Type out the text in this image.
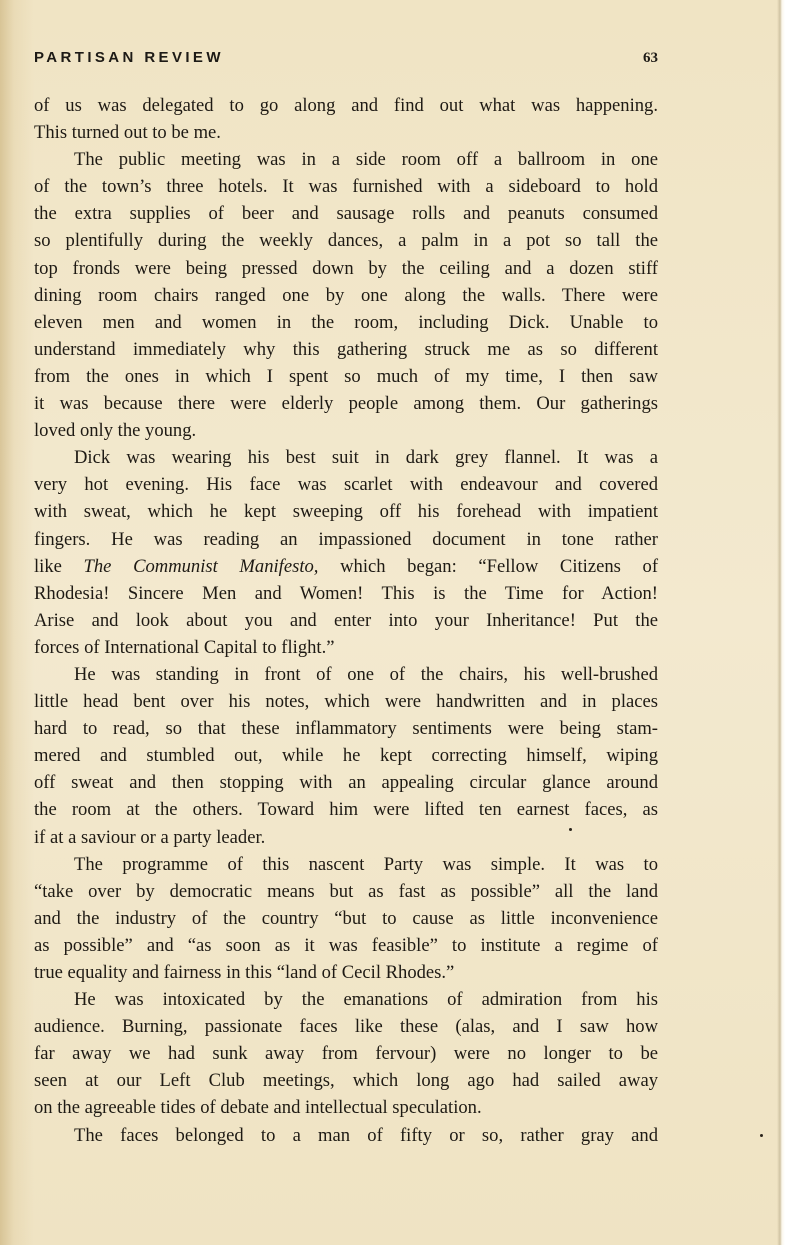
PARTISAN REVIEW	63
of us was delegated to go along and find out what was happening.
This turned out to be me.
The public meeting was in a side room off a ballroom in one
of the town’s three hotels. It was furnished with a sideboard to hold
the extra supplies of beer and sausage rolls and peanuts consumed
so plentifully during the weekly dances, a palm in a pot so tall the
top fronds were being pressed down by the ceiling and a dozen stiff
dining room chairs ranged one by one along the walls. There were
eleven men and women in the room, including Dick. Unable to
understand immediately why this gathering struck me as so different
from the ones in which I spent so much of my time, I then saw
it was because there were elderly people among them. Our gatherings
loved only the young.
Dick was wearing his best suit in dark grey flannel. It was a
very hot evening. His face was scarlet with endeavour and covered
with sweat, which he kept sweeping off his forehead with impatient
fingers. He was reading an impassioned document in tone rather
like The Communist Manifesto, which began: “Fellow Citizens of
Rhodesia! Sincere Men and Women! This is the Time for Action!
Arise and look about you and enter into your Inheritance! Put the
forces of International Capital to flight.”
He was standing in front of one of the chairs, his well-brushed
little head bent over his notes, which were handwritten and in places
hard to read, so that these inflammatory sentiments were being stam-
mered and stumbled out, while he kept correcting himself, wiping
off sweat and then stopping with an appealing circular glance around
the room at the others. Toward him were lifted ten earnest faces, as
if at a saviour or a party leader.
The programme of this nascent Party was simple. It was to
“take over by democratic means but as fast as possible” all the land
and the industry of the country “but to cause as little inconvenience
as possible” and “as soon as it was feasible” to institute a regime of
true equality and fairness in this “land of Cecil Rhodes.”
He was intoxicated by the emanations of admiration from his
audience. Burning, passionate faces like these (alas, and I saw how
far away we had sunk away from fervour) were no longer to be
seen at our Left Club meetings, which long ago had sailed away
on the agreeable tides of debate and intellectual speculation.
The faces belonged to a man of fifty or so, rather gray and
